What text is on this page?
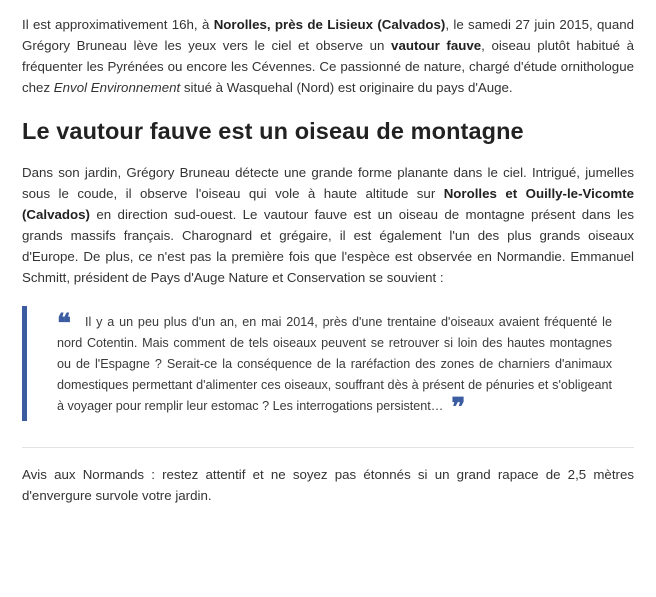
Il est approximativement 16h, à Norolles, près de Lisieux (Calvados), le samedi 27 juin 2015, quand Grégory Bruneau lève les yeux vers le ciel et observe un vautour fauve, oiseau plutôt habitué à fréquenter les Pyrénées ou encore les Cévennes. Ce passionné de nature, chargé d'étude ornithologue chez Envol Environnement situé à Wasquehal (Nord) est originaire du pays d'Auge.

Le vautour fauve est un oiseau de montagne

Dans son jardin, Grégory Bruneau détecte une grande forme planante dans le ciel. Intrigué, jumelles sous le coude, il observe l'oiseau qui vole à haute altitude sur Norolles et Ouilly-le-Vicomte (Calvados) en direction sud-ouest. Le vautour fauve est un oiseau de montagne présent dans les grands massifs français. Charognard et grégaire, il est également l'un des plus grands oiseaux d'Europe. De plus, ce n'est pas la première fois que l'espèce est observée en Normandie. Emmanuel Schmitt, président de Pays d'Auge Nature et Conservation se souvient :

❝ Il y a un peu plus d'un an, en mai 2014, près d'une trentaine d'oiseaux avaient fréquenté le nord Cotentin. Mais comment de tels oiseaux peuvent se retrouver si loin des hautes montagnes ou de l'Espagne ? Serait-ce la conséquence de la raréfaction des zones de charniers d'animaux domestiques permettant d'alimenter ces oiseaux, souffrant dès à présent de pénuries et s'obligeant à voyager pour remplir leur estomac ? Les interrogations persistent… ❞

Avis aux Normands : restez attentif et ne soyez pas étonnés si un grand rapace de 2,5 mètres d'envergure survole votre jardin.
